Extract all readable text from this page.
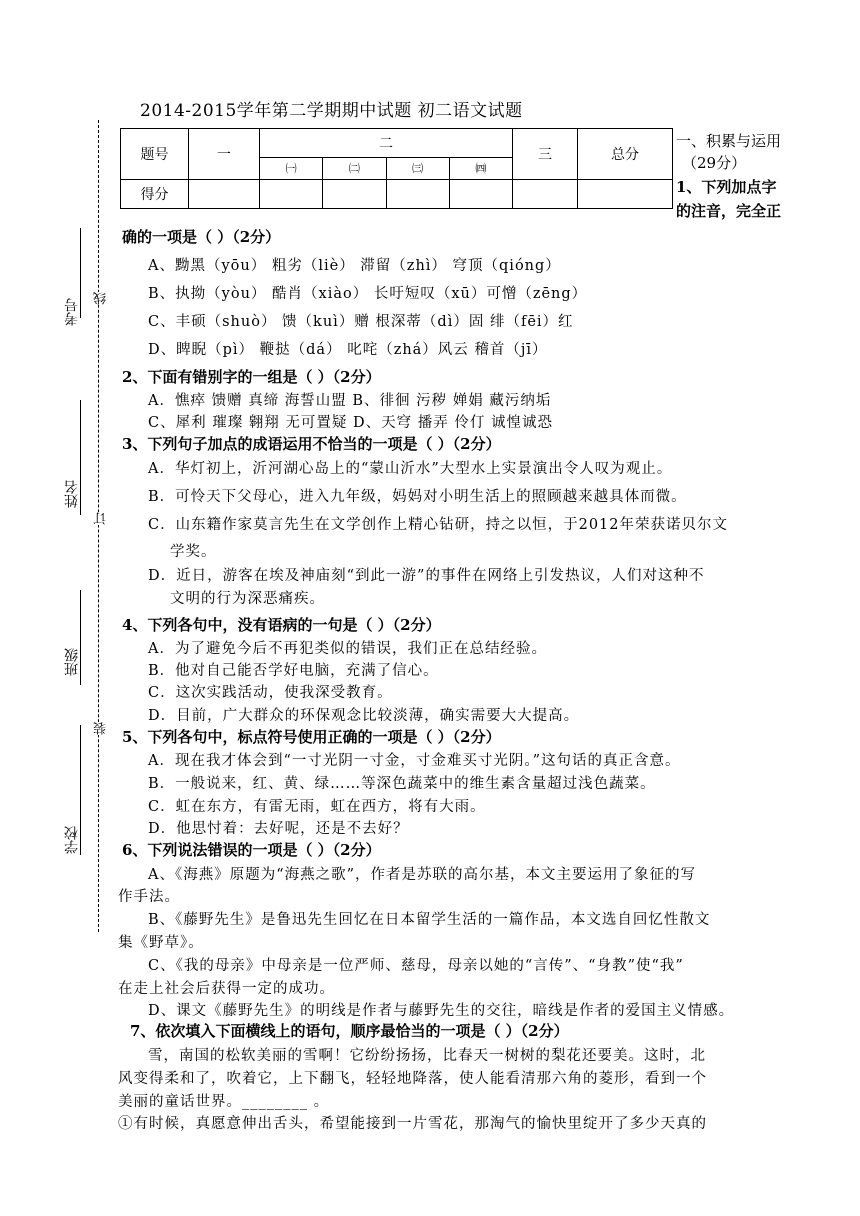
2014-2015学年第二学期期中试题 初二语文试题
题号	一	二				三	总分
		㈠	㈡	㈢	㈣		
得分							
一、积累与运用
（29分）
1、下列加点字
的注音，完全正
考号
姓名
班级
学校
线
订
装
确的一项是（ ）（2分）
A、黝黑（yōu） 粗劣（liè） 滞留（zhì） 穹顶（qióng）
B、执拗（yòu） 酷肖（xiào） 长吁短叹（xū）可憎（zēng）
C、丰硕（shuò） 馈（kuì）赠 根深蒂（dì）固 绯（fēi）红
D、睥睨（pì） 鞭挞（dá） 叱咤（zhá）风云 稽首（jī）
2、下面有错别字的一组是（ ）（2分）
A．憔瘁 馈赠 真缔 海誓山盟 B、徘徊 污秽 婵娟 藏污纳垢
C、犀利 璀璨 翱翔 无可置疑 D、天穹 播弄 伶仃 诚惶诚恐
3、下列句子加点的成语运用不恰当的一项是（ ）（2分）
A．华灯初上，沂河湖心岛上的“蒙山沂水”大型水上实景演出令人叹为观止。
B．可怜天下父母心，进入九年级，妈妈对小明生活上的照顾越来越具体而微。
C．山东籍作家莫言先生在文学创作上精心钻研，持之以恒，于2012年荣获诺贝尔文
学奖。
D．近日，游客在埃及神庙刻“到此一游”的事件在网络上引发热议，人们对这种不
文明的行为深恶痛疾。
4、下列各句中，没有语病的一句是（ ）（2分）
A．为了避免今后不再犯类似的错误，我们正在总结经验。
B．他对自己能否学好电脑，充满了信心。
C．这次实践活动，使我深受教育。
D．目前，广大群众的环保观念比较淡薄，确实需要大大提高。
5、下列各句中，标点符号使用正确的一项是（ ）（2分）
A．现在我才体会到“一寸光阴一寸金，寸金难买寸光阴。”这句话的真正含意。
B．一般说来，红、黄、绿……等深色蔬菜中的维生素含量超过浅色蔬菜。
C．虹在东方，有雷无雨，虹在西方，将有大雨。
D．他思忖着：去好呢，还是不去好？
6、下列说法错误的一项是（ ）（2分）
A、《海燕》原题为“海燕之歌”，作者是苏联的高尔基，本文主要运用了象征的写
作手法。
B、《藤野先生》是鲁迅先生回忆在日本留学生活的一篇作品，本文选自回忆性散文
集《野草》。
C、《我的母亲》中母亲是一位严师、慈母，母亲以她的“言传”、“身教”使“我”
在走上社会后获得一定的成功。
D、课文《藤野先生》的明线是作者与藤野先生的交往，暗线是作者的爱国主义情感。
7、依次填入下面横线上的语句，顺序最恰当的一项是（ ）（2分）
雪，南国的松软美丽的雪啊！它纷纷扬扬，比春天一树树的梨花还要美。这时，北
风变得柔和了，吹着它，上下翻飞，轻轻地降落，使人能看清那六角的菱形，看到一个
美丽的童话世界。________ 。
①有时候，真愿意伸出舌头，希望能接到一片雪花，那淘气的愉快里绽开了多少天真的
